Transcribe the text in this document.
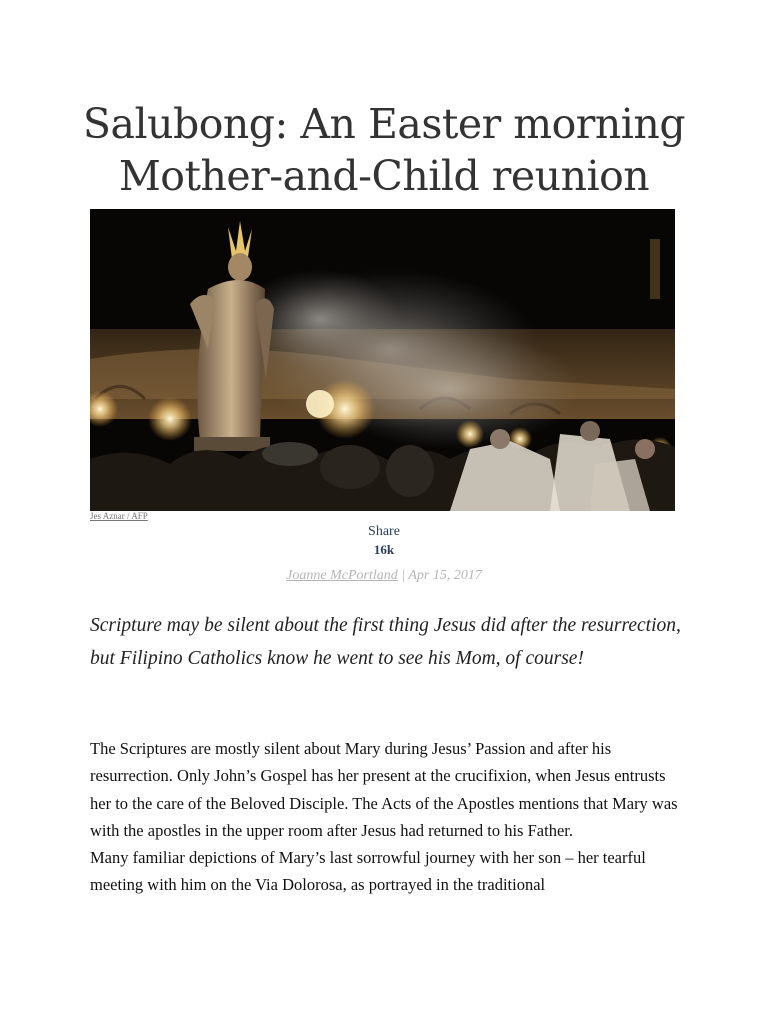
Salubong: An Easter morning Mother-and-Child reunion
Jes Aznar / AFP
Share
16k
Joanne McPortland | Apr 15, 2017

Scripture may be silent about the first thing Jesus did after the resurrection, but Filipino Catholics know he went to see his Mom, of course!

The Scriptures are mostly silent about Mary during Jesus’ Passion and after his resurrection. Only John’s Gospel has her present at the crucifixion, when Jesus entrusts her to the care of the Beloved Disciple. The Acts of the Apostles mentions that Mary was with the apostles in the upper room after Jesus had returned to his Father.

Many familiar depictions of Mary’s last sorrowful journey with her son – her tearful meeting with him on the Via Dolorosa, as portrayed in the traditional
